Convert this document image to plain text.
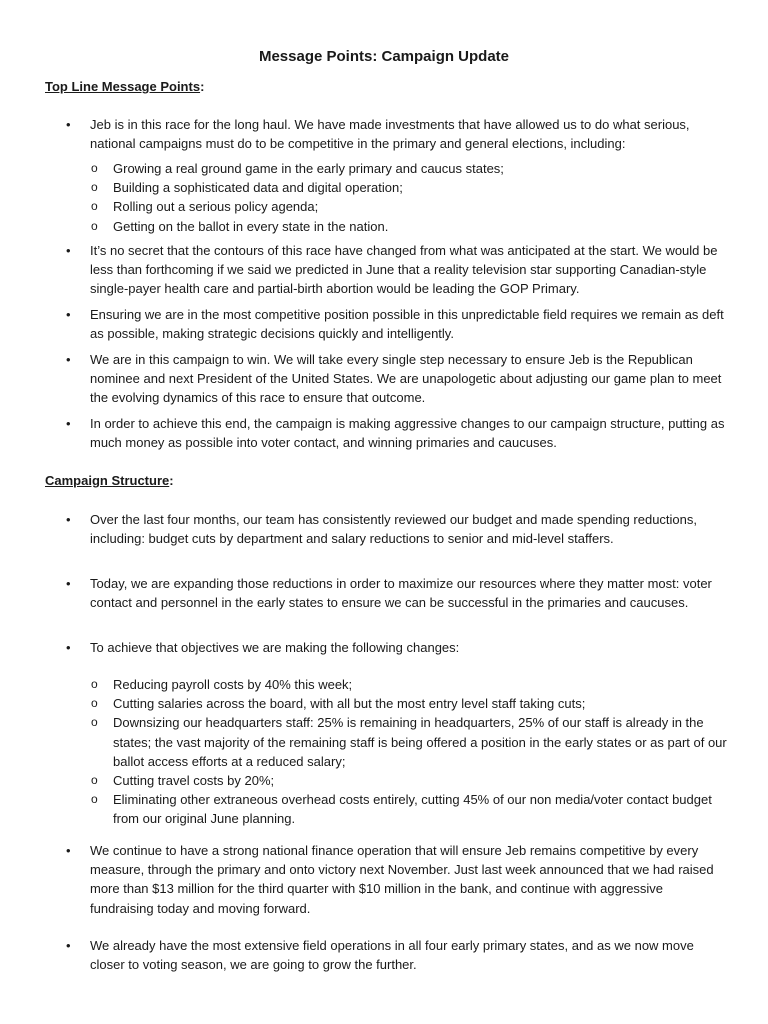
Message Points: Campaign Update
Top Line Message Points:
• Jeb is in this race for the long haul. We have made investments that have allowed us to do what serious, national campaigns must do to be competitive in the primary and general elections, including:
o Growing a real ground game in the early primary and caucus states;
o Building a sophisticated data and digital operation;
o Rolling out a serious policy agenda;
o Getting on the ballot in every state in the nation.
• It’s no secret that the contours of this race have changed from what was anticipated at the start. We would be less than forthcoming if we said we predicted in June that a reality television star supporting Canadian-style single-payer health care and partial-birth abortion would be leading the GOP Primary.
• Ensuring we are in the most competitive position possible in this unpredictable field requires we remain as deft as possible, making strategic decisions quickly and intelligently.
• We are in this campaign to win. We will take every single step necessary to ensure Jeb is the Republican nominee and next President of the United States. We are unapologetic about adjusting our game plan to meet the evolving dynamics of this race to ensure that outcome.
• In order to achieve this end, the campaign is making aggressive changes to our campaign structure, putting as much money as possible into voter contact, and winning primaries and caucuses.
Campaign Structure:
• Over the last four months, our team has consistently reviewed our budget and made spending reductions, including: budget cuts by department and salary reductions to senior and mid-level staffers.
• Today, we are expanding those reductions in order to maximize our resources where they matter most: voter contact and personnel in the early states to ensure we can be successful in the primaries and caucuses.
• To achieve that objectives we are making the following changes:
o Reducing payroll costs by 40% this week;
o Cutting salaries across the board, with all but the most entry level staff taking cuts;
o Downsizing our headquarters staff: 25% is remaining in headquarters, 25% of our staff is already in the states; the vast majority of the remaining staff is being offered a position in the early states or as part of our ballot access efforts at a reduced salary;
o Cutting travel costs by 20%;
o Eliminating other extraneous overhead costs entirely, cutting 45% of our non media/voter contact budget from our original June planning.
• We continue to have a strong national finance operation that will ensure Jeb remains competitive by every measure, through the primary and onto victory next November. Just last week announced that we had raised more than $13 million for the third quarter with $10 million in the bank, and continue with aggressive fundraising today and moving forward.
• We already have the most extensive field operations in all four early primary states, and as we now move closer to voting season, we are going to grow the further.
